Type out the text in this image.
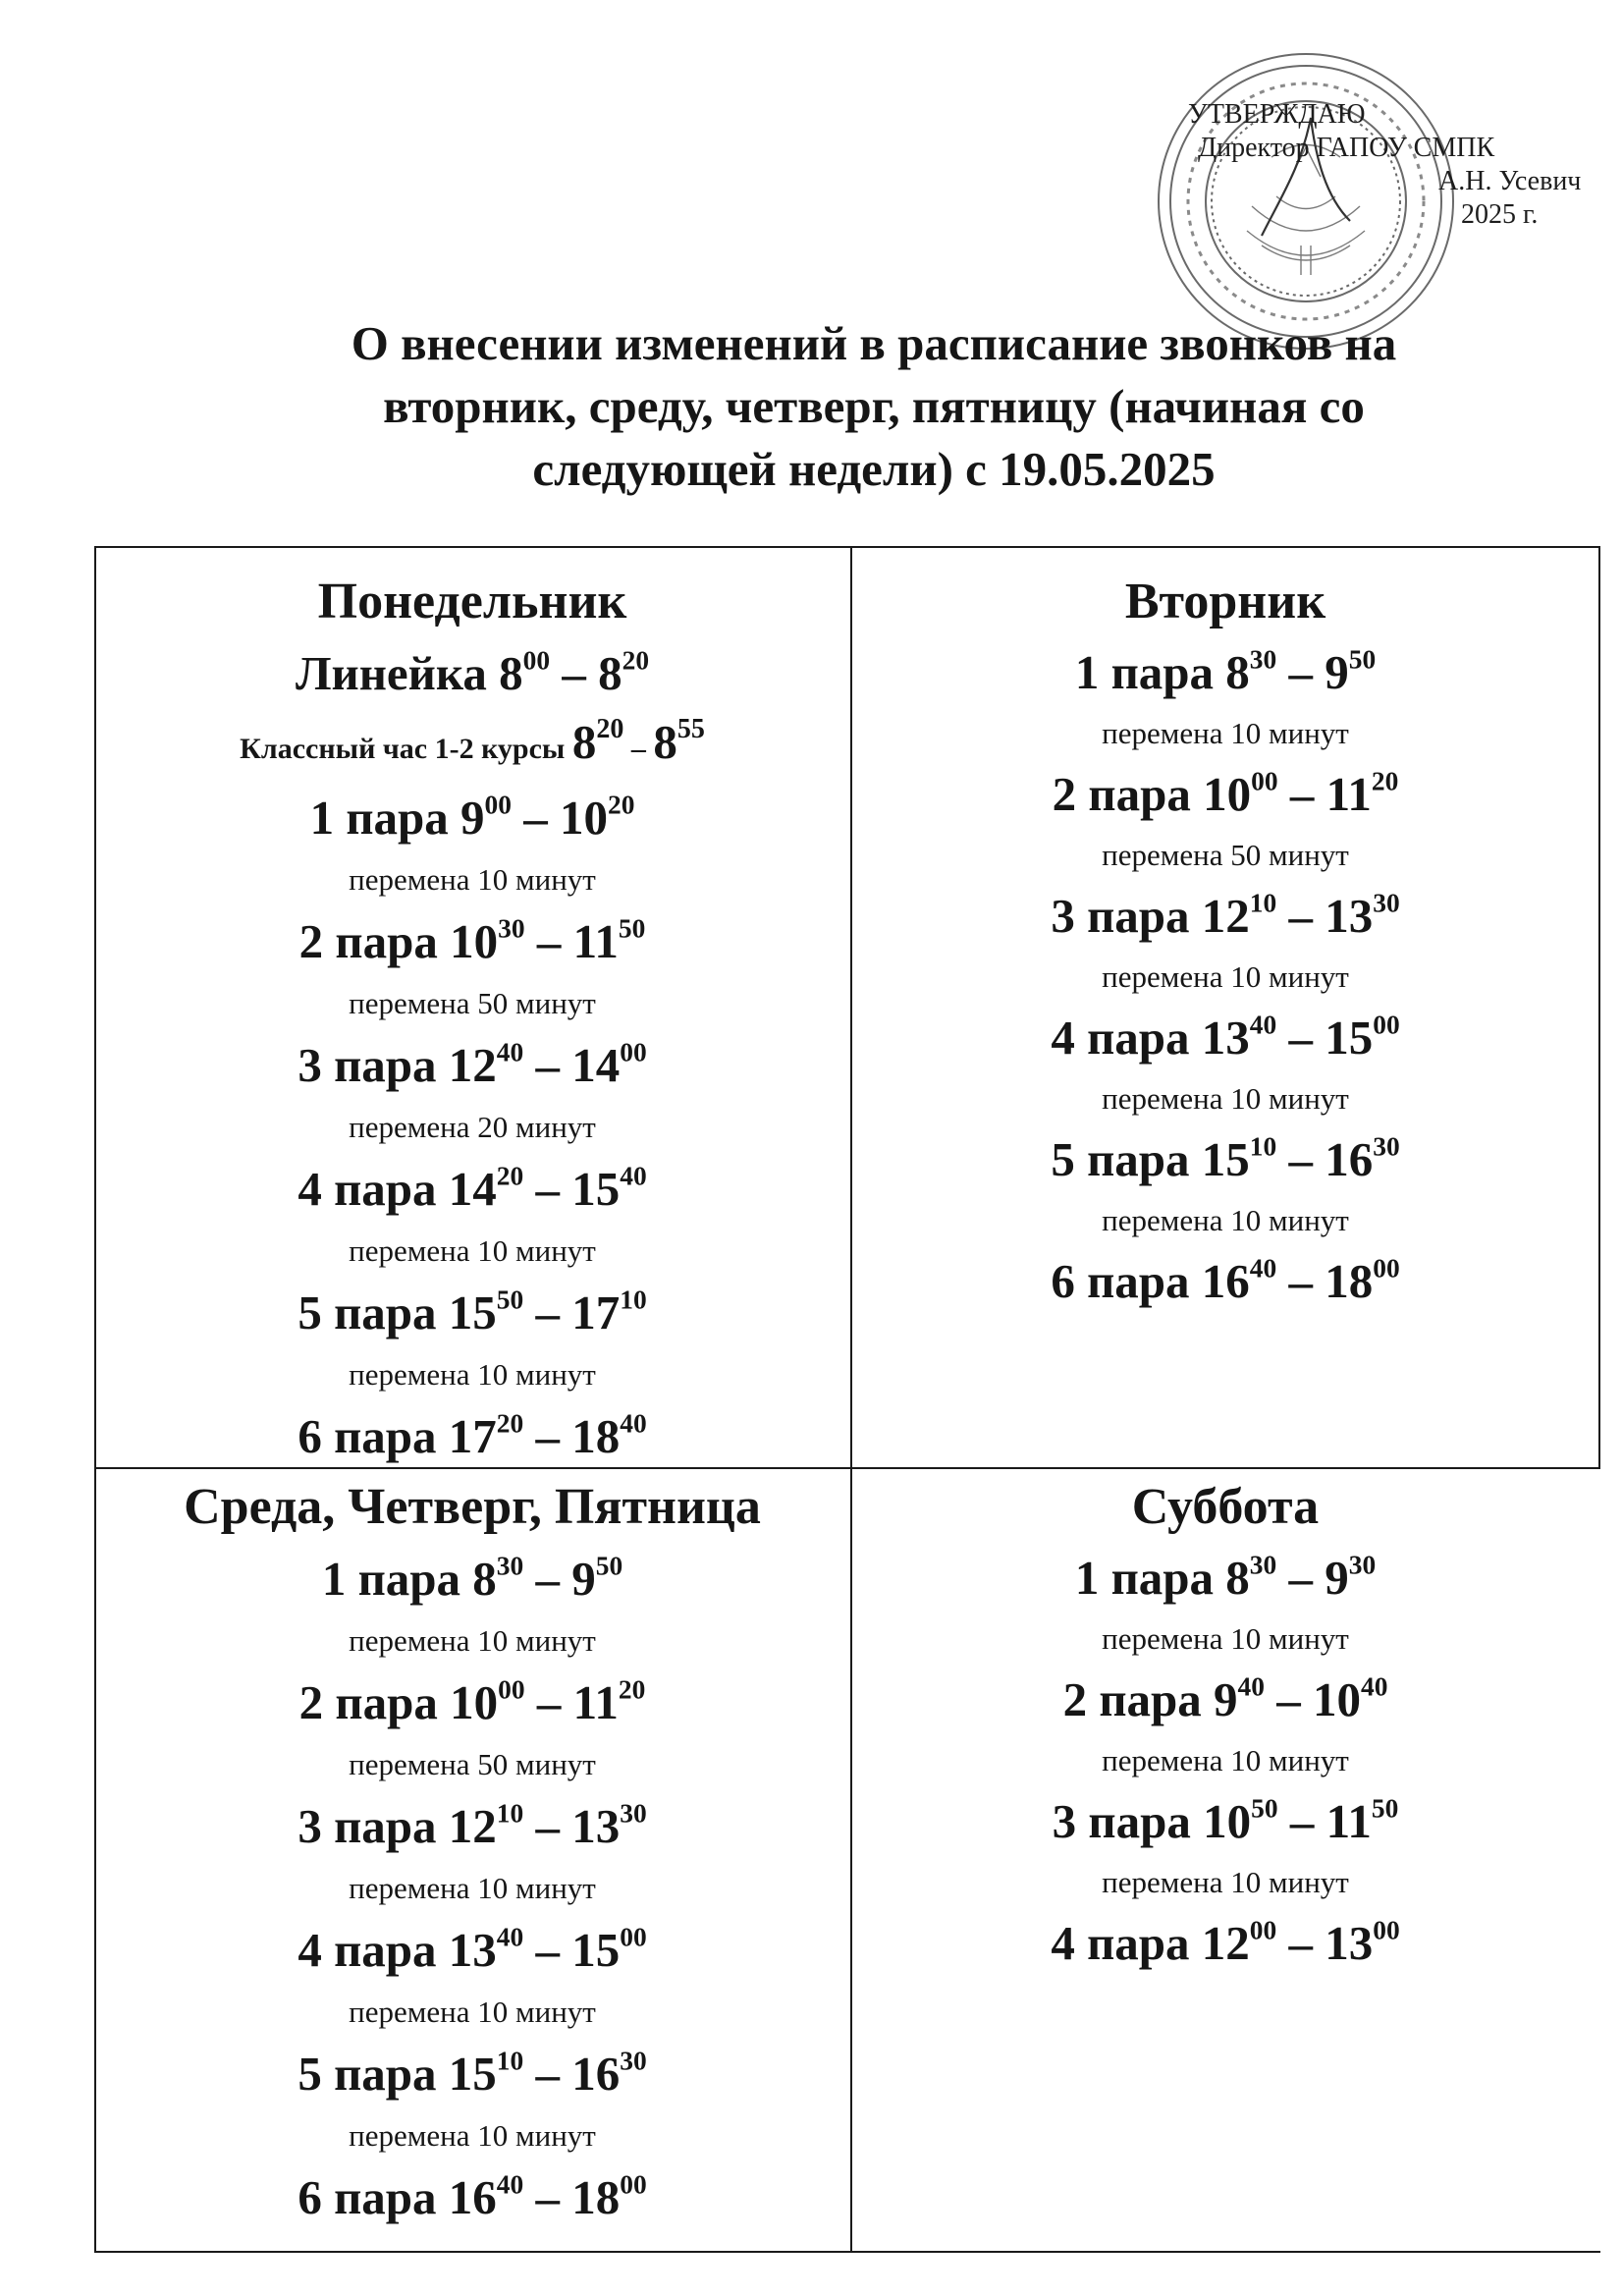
УТВЕРЖДАЮ
Директор ГАПОУ СМПК
А.Н. Усевич
2025 г.
О внесении изменений в расписание звонков на
вторник, среду, четверг, пятницу (начиная со
следующей недели) с 19.05.2025
Понедельник
Линейка $8^{00} - 8^{20}$
Классный час 1-2 курсы $8^{20} - 8^{55}$
1 пара $9^{00} - 10^{20}$
перемена 10 минут
2 пара $10^{30} - 11^{50}$
перемена 50 минут
3 пара $12^{40} - 14^{00}$
перемена 20 минут
4 пара $14^{20} - 15^{40}$
перемена 10 минут
5 пара $15^{50} - 17^{10}$
перемена 10 минут
6 пара $17^{20} - 18^{40}$
Вторник
1 пара $8^{30} - 9^{50}$
перемена 10 минут
2 пара $10^{00} - 11^{20}$
перемена 50 минут
3 пара $12^{10} - 13^{30}$
перемена 10 минут
4 пара $13^{40} - 15^{00}$
перемена 10 минут
5 пара $15^{10} - 16^{30}$
перемена 10 минут
6 пара $16^{40} - 18^{00}$
Среда, Четверг, Пятница
1 пара $8^{30} - 9^{50}$
перемена 10 минут
2 пара $10^{00} - 11^{20}$
перемена 50 минут
3 пара $12^{10} - 13^{30}$
перемена 10 минут
4 пара $13^{40} - 15^{00}$
перемена 10 минут
5 пара $15^{10} - 16^{30}$
перемена 10 минут
6 пара $16^{40} - 18^{00}$
Суббота
1 пара $8^{30} - 9^{30}$
перемена 10 минут
2 пара $9^{40} - 10^{40}$
перемена 10 минут
3 пара $10^{50} - 11^{50}$
перемена 10 минут
4 пара $12^{00} - 13^{00}$
